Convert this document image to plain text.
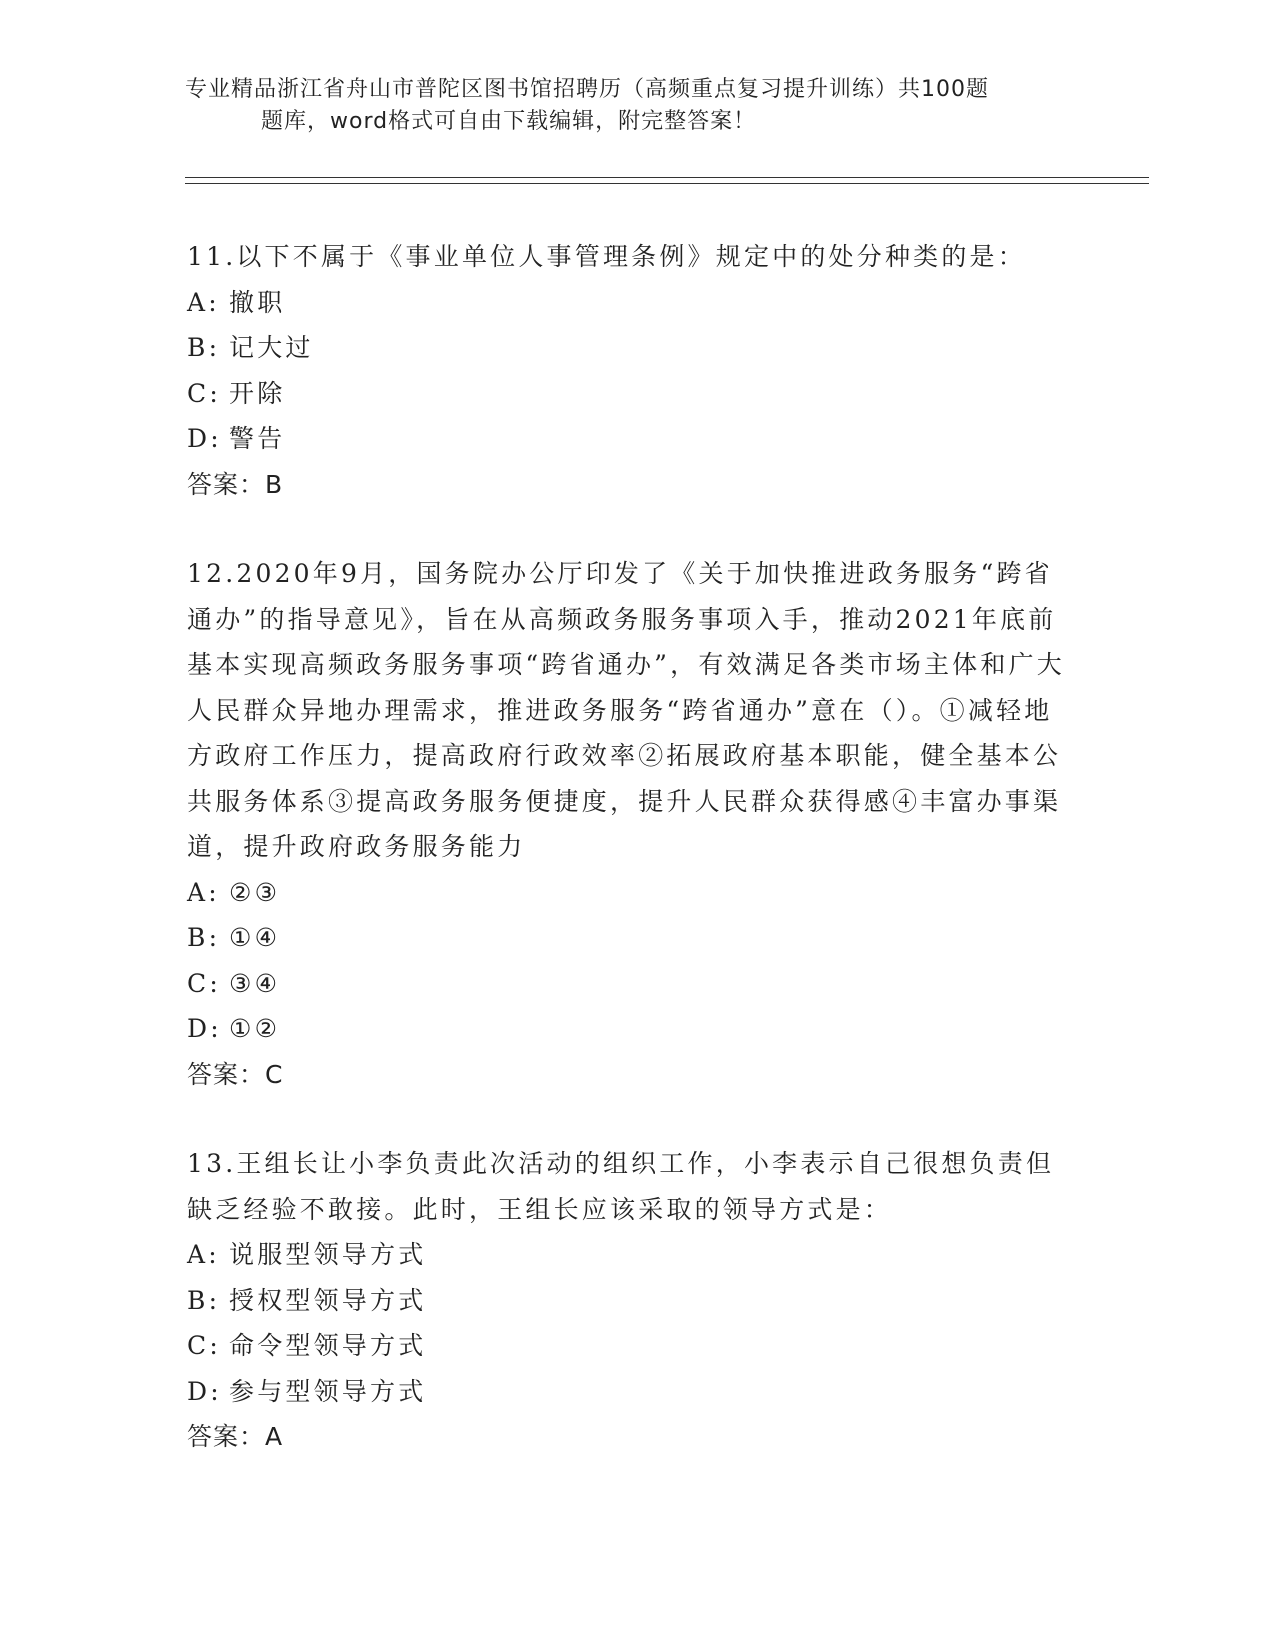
专业精品浙江省舟山市普陀区图书馆招聘历（高频重点复习提升训练）共100题
题库，word格式可自由下载编辑，附完整答案！

11.以下不属于《事业单位人事管理条例》规定中的处分种类的是：

A: 撤职
B: 记大过
C: 开除
D: 警告
答案：B

12.2020年9月，国务院办公厅印发了《关于加快推进政务服务“跨省通办”的指导意见》，旨在从高频政务服务事项入手，推动2021年底前基本实现高频政务服务事项“跨省通办”，有效满足各类市场主体和广大人民群众异地办理需求，推进政务服务“跨省通办”意在（）。①减轻地方政府工作压力，提高政府行政效率②拓展政府基本职能，健全基本公共服务体系③提高政务服务便捷度，提升人民群众获得感④丰富办事渠道，提升政府政务服务能力

A: ②③
B: ①④
C: ③④
D: ①②
答案：C

13.王组长让小李负责此次活动的组织工作，小李表示自己很想负责但缺乏经验不敢接。此时，王组长应该采取的领导方式是：

A: 说服型领导方式
B: 授权型领导方式
C: 命令型领导方式
D: 参与型领导方式
答案：A
